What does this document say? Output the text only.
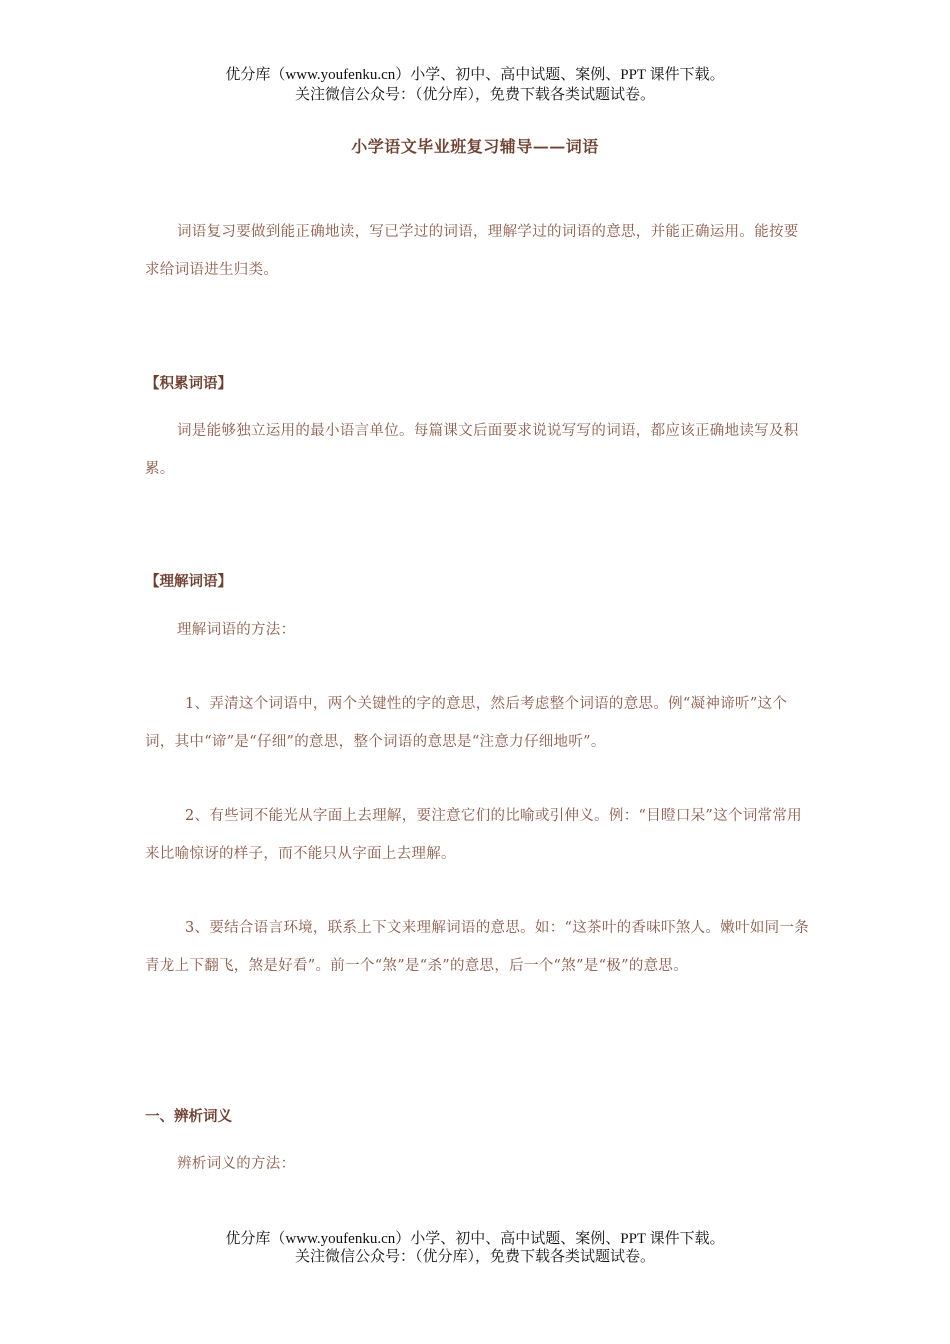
优分库（www.youfenku.cn）小学、初中、高中试题、案例、PPT 课件下载。

关注微信公众号：（优分库），免费下载各类试题试卷。

小学语文毕业班复习辅导——词语

词语复习要做到能正确地读，写已学过的词语，理解学过的词语的意思，并能正确运用。能按要求给词语进生归类。

【积累词语】

词是能够独立运用的最小语言单位。每篇课文后面要求说说写写的词语，都应该正确地读写及积累。

【理解词语】

理解词语的方法：

1、弄清这个词语中，两个关键性的字的意思，然后考虑整个词语的意思。例“凝神谛听”这个词，其中“谛”是“仔细”的意思，整个词语的意思是“注意力仔细地听”。

2、有些词不能光从字面上去理解，要注意它们的比喻或引伸义。例：“目瞪口呆”这个词常常用来比喻惊讶的样子，而不能只从字面上去理解。

3、要结合语言环境，联系上下文来理解词语的意思。如：“这茶叶的香味吓煞人。嫩叶如同一条青龙上下翻飞，煞是好看”。前一个“煞”是“杀”的意思，后一个“煞”是“极”的意思。

一、辨析词义

辨析词义的方法：

优分库（www.youfenku.cn）小学、初中、高中试题、案例、PPT 课件下载。

关注微信公众号：（优分库），免费下载各类试题试卷。
